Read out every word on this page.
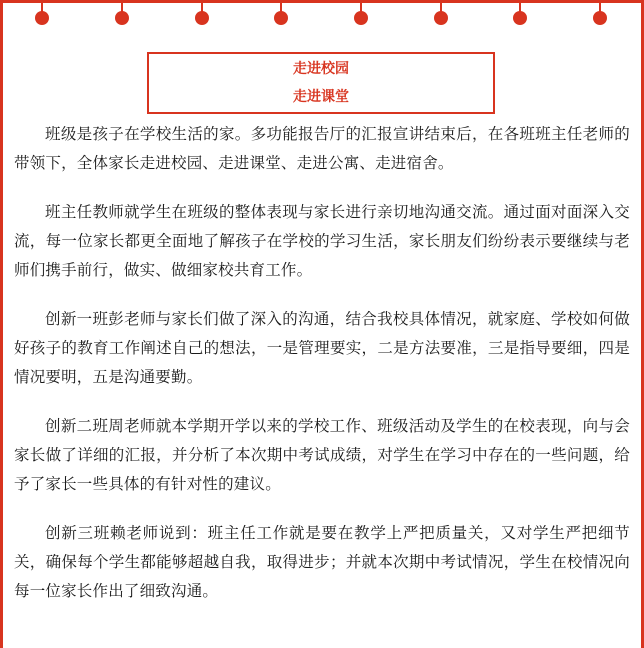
走进校园
走进课堂

班级是孩子在学校生活的家。多功能报告厅的汇报宣讲结束后，在各班班主任老师的带领下，全体家长走进校园、走进课堂、走进公寓、走进宿舍。

班主任教师就学生在班级的整体表现与家长进行亲切地沟通交流。通过面对面深入交流，每一位家长都更全面地了解孩子在学校的学习生活，家长朋友们纷纷表示要继续与老师们携手前行，做实、做细家校共育工作。

创新一班彭老师与家长们做了深入的沟通，结合我校具体情况，就家庭、学校如何做好孩子的教育工作阐述自己的想法，一是管理要实，二是方法要准，三是指导要细，四是情况要明，五是沟通要勤。

创新二班周老师就本学期开学以来的学校工作、班级活动及学生的在校表现，向与会家长做了详细的汇报，并分析了本次期中考试成绩，对学生在学习中存在的一些问题，给予了家长一些具体的有针对性的建议。

创新三班赖老师说到：班主任工作就是要在教学上严把质量关，又对学生严把细节关，确保每个学生都能够超越自我，取得进步；并就本次期中考试情况，学生在校情况向每一位家长作出了细致沟通。
